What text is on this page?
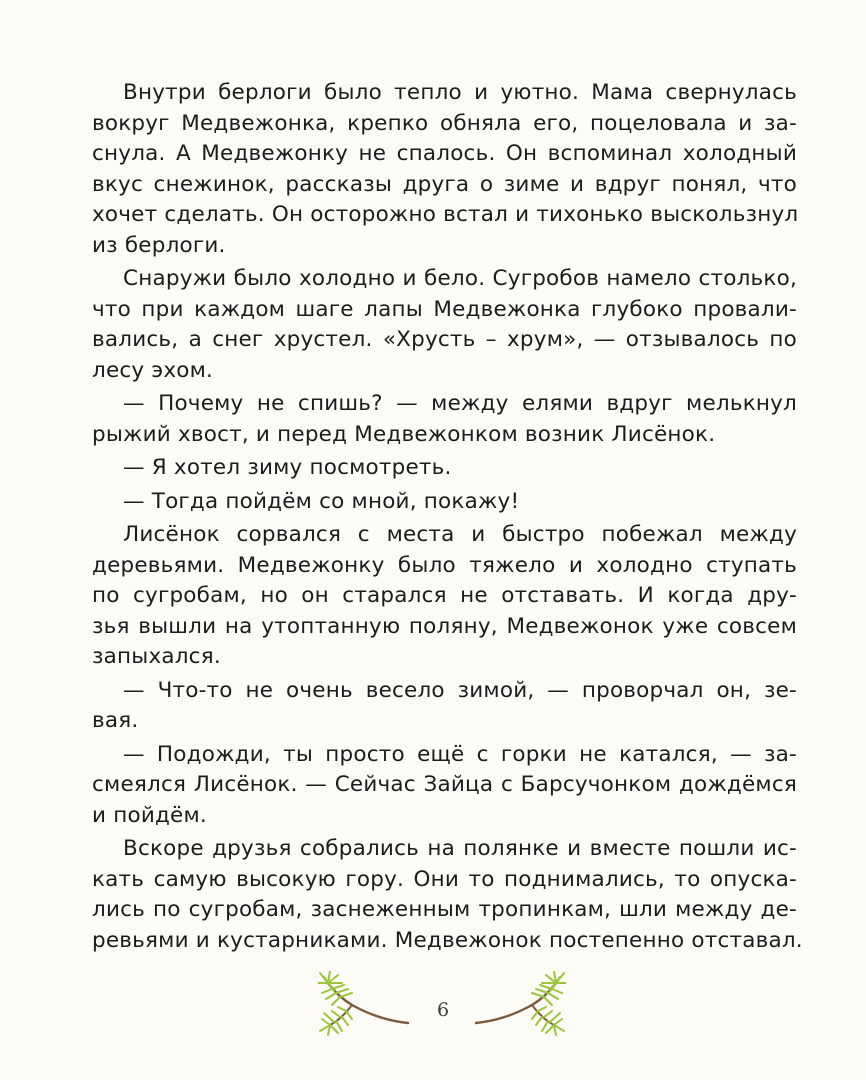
Внутри берлоги было тепло и уютно. Мама свернулась
вокруг Медвежонка, крепко обняла его, поцеловала и за-
снула. А Медвежонку не спалось. Он вспоминал холодный
вкус снежинок, рассказы друга о зиме и вдруг понял, что
хочет сделать. Он осторожно встал и тихонько выскользнул
из берлоги.
Снаружи было холодно и бело. Сугробов намело столько,
что при каждом шаге лапы Медвежонка глубоко провали-
вались, а снег хрустел. «Хрусть – хрум», — отзывалось по
лесу эхом.
— Почему не спишь? — между елями вдруг мелькнул
рыжий хвост, и перед Медвежонком возник Лисёнок.
— Я хотел зиму посмотреть.
— Тогда пойдём со мной, покажу!
Лисёнок сорвался с места и быстро побежал между
деревьями. Медвежонку было тяжело и холодно ступать
по сугробам, но он старался не отставать. И когда дру-
зья вышли на утоптанную поляну, Медвежонок уже совсем
запыхался.
— Что-то не очень весело зимой, — проворчал он, зе-
вая.
— Подожди, ты просто ещё с горки не катался, — за-
смеялся Лисёнок. — Сейчас Зайца с Барсучонком дождёмся
и пойдём.
Вскоре друзья собрались на полянке и вместе пошли ис-
кать самую высокую гору. Они то поднимались, то опуска-
лись по сугробам, заснеженным тропинкам, шли между де-
ревьями и кустарниками. Медвежонок постепенно отставал.
6
